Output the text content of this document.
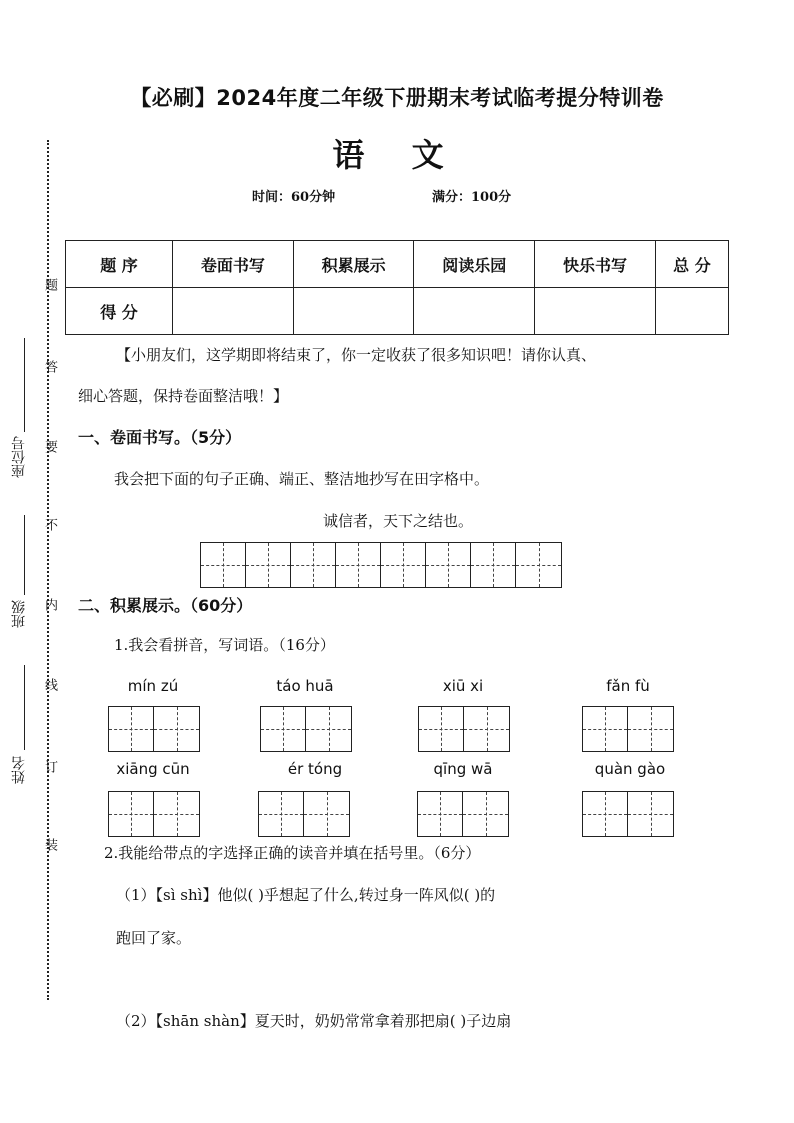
【必刷】2024年度二年级下册期末考试临考提分特训卷
语 文
时间：60分钟	满分：100分
题
答
要
不
内
线
订
装
座位号
班级
姓名
题 序	卷面书写	积累展示	阅读乐园	快乐书写	总 分
得 分					
【小朋友们，这学期即将结束了，你一定收获了很多知识吧！请你认真、
细心答题，保持卷面整洁哦！】
一、卷面书写。（5分）
我会把下面的句子正确、端正、整洁地抄写在田字格中。
诚信者，天下之结也。
二、积累展示。（60分）
1.我会看拼音，写词语。（16分）
mín zú	táo huā	xiū xi	fǎn fù
xiāng cūn	ér tóng	qīng wā	quàn gào
2.我能给带点的字选择正确的读音并填在括号里。（6分）
（1）【sì shì】他似( )乎想起了什么,转过身一阵风似( )的
跑回了家。
（2）【shān shàn】夏天时，奶奶常常拿着那把扇( )子边扇
